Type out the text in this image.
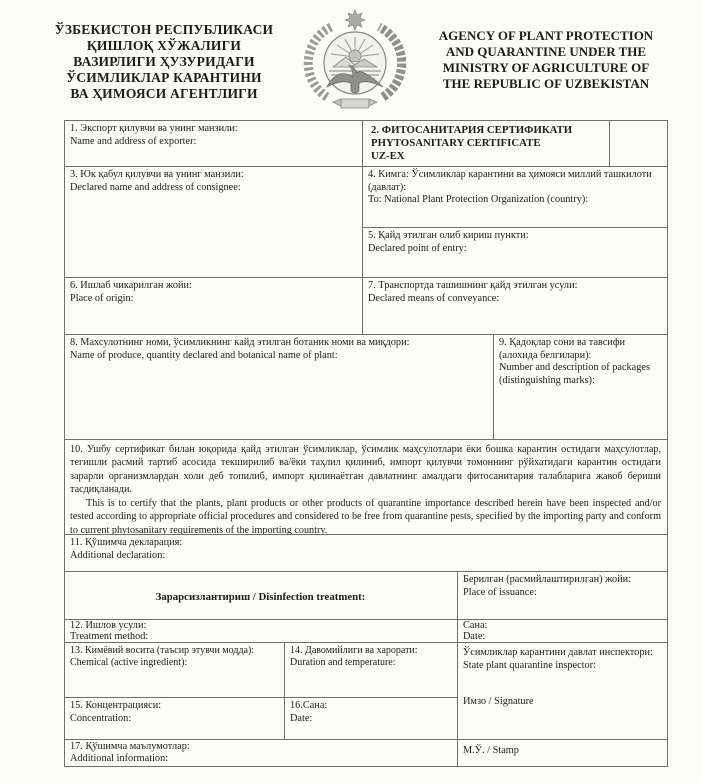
ЎЗБЕКИСТОН РЕСПУБЛИКАСИ
ҚИШЛОҚ ХЎЖАЛИГИ
ВАЗИРЛИГИ ҲУЗУРИДАГИ
ЎСИМЛИКЛАР КАРАНТИНИ
ВА ҲИМОЯСИ АГЕНТЛИГИ
AGENCY OF PLANT PROTECTION
AND QUARANTINE UNDER THE
MINISTRY OF AGRICULTURE OF
THE REPUBLIC OF UZBEKISTAN
1. Экспорт қилувчи ва унинг манзили:
Name and address of exporter:
2. ФИТОСАНИТАРИЯ СЕРТИФИКАТИ
PHYTOSANITARY CERTIFICATE
UZ-EX
3. Юк қабул қилувчи ва унинг манзили:
Declared name and address of consignee:
4. Кимга: Ўсимликлар карантини ва ҳимояси миллий ташкилоти (давлат):
To: National Plant Protection Organization (country):
5. Қайд этилган олиб кириш пункти:
Declared point of entry:
6. Ишлаб чикарилган жойи:
Place of origin:
7. Транспортда ташишнинг қайд этилган усули:
Declared means of conveyance:
8. Махсулотнинг номи, ўсимликнинг кайд этилган ботаник номи ва миқдори:
Name of produce, quantity declared and botanical name of plant:
9. Қадоқлар сони ва тавсифи (алохида белгилари):
Number and description of packages (distinguishing marks):

10. Ушбу сертификат билан юқорида қайд этилган ўсимликлар, ўсимлик маҳсулотлари ёки бошка карантин остидаги маҳсулотлар, тегишли расмий тартиб асосида текширилиб ва/ёки таҳлил қилиниб, импорт қилувчи томоннинг рўйхатидаги карантин остидаги зарарли организмлардан холи деб топилиб, импорт қилинаётган давлатнинг амалдаги фитосанитария талабларига жавоб бериши тасдиқланади.

This is to certify that the plants, plant products or other products of quarantine importance described herein have been inspected and/or tested according to appropriate official procedures and considered to be free from quarantine pests, specified by the importing party and conform to current phytosanitary requirements of the importing country.

11. Қўшимча декларация:
Additional declaration:
Зарарсизлантириш / Disinfection treatment:
Берилган (расмийлаштирилган) жойи:
Place of issuance:
12. Ишлов усули:
Treatment method:
Сана:
Date:
13. Кимёвий восита (таъсир этувчи модда):
Chemical (active ingredient):
14. Давомийлиги ва харорати:
Duration and temperature:
Ўсимликлар карантини давлат инспектори:
State plant quarantine inspector:
Имзо / Signature
15. Концентрацияси:
Concentration:
16.Сана:
Date:
17. Қўшимча маълумотлар:
Additional information:
М.Ў. / Stamp
